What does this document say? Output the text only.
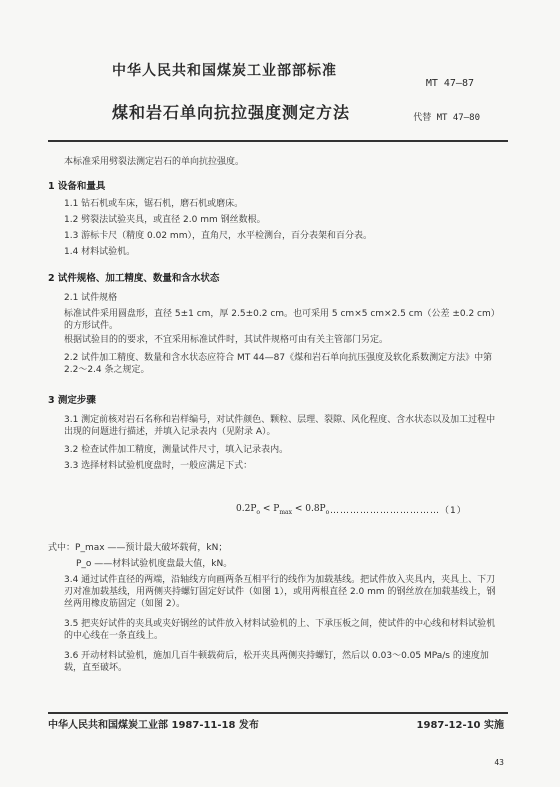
中华人民共和国煤炭工业部部标准
MT 47—87
煤和岩石单向抗拉强度测定方法	代替 MT 47—80
本标准采用劈裂法测定岩石的单向抗拉强度。
1 设备和量具
1.1 钻石机或车床，锯石机，磨石机或磨床。
1.2 劈裂法试验夹具，或直径 2.0 mm 钢丝数根。
1.3 游标卡尺（精度 0.02 mm），直角尺，水平检测台，百分表架和百分表。
1.4 材料试验机。
2 试件规格、加工精度、数量和含水状态
2.1 试件规格
标准试件采用圆盘形，直径 5±1 cm，厚 2.5±0.2 cm。也可采用 5 cm×5 cm×2.5 cm（公差 ±0.2 cm）的方形试件。
根据试验目的的要求，不宜采用标准试件时，其试件规格可由有关主管部门另定。
2.2 试件加工精度、数量和含水状态应符合 MT 44—87《煤和岩石单向抗压强度及软化系数测定方法》中第 2.2～2.4 条之规定。
3 测定步骤
3.1 测定前核对岩石名称和岩样编号，对试件颜色、颗粒、层理、裂隙、风化程度、含水状态以及加工过程中出现的问题进行描述，并填入记录表内（见附录 A）。
3.2 检查试件加工精度，测量试件尺寸，填入记录表内。
3.3 选择材料试验机度盘时，一般应满足下式：
$0.2P_o < P_{max} < 0.8P_o$ ……………………………（1）
式中：P_max ——预计最大破坏载荷，kN；
P_o ——材料试验机度盘最大值，kN。
3.4 通过试件直径的两端，沿轴线方向画两条互相平行的线作为加载基线。把试件放入夹具内，夹具上、下刀刃对准加载基线，用两侧夹持螺钉固定好试件（如图 1），或用两根直径 2.0 mm 的钢丝放在加载基线上，钢丝两用橡皮筋固定（如图 2）。
3.5 把夹好试件的夹具或夹好钢丝的试件放入材料试验机的上、下承压板之间，使试件的中心线和材料试验机的中心线在一条直线上。
3.6 开动材料试验机，施加几百牛顿载荷后，松开夹具两侧夹持螺钉，然后以 0.03～0.05 MPa/s 的速度加载，直至破坏。
中华人民共和国煤炭工业部 1987-11-18 发布	1987-12-10 实施
43
